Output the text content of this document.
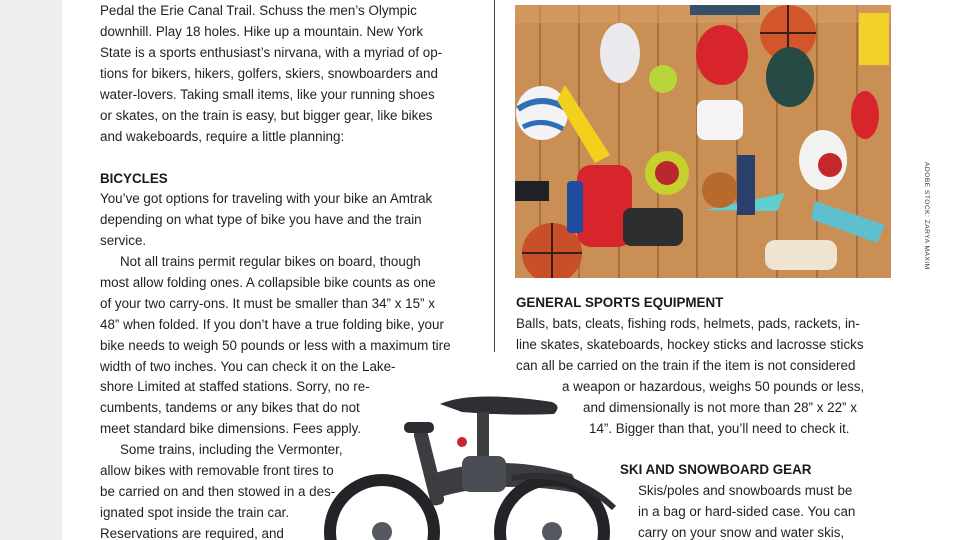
Pedal the Erie Canal Trail. Schuss the men’s Olympic

downhill. Play 18 holes. Hike up a mountain. New York

State is a sports enthusiast’s nirvana, with a myriad of op-

tions for bikers, hikers, golfers, skiers, snowboarders and

water-lovers. Taking small items, like your running shoes

or skates, on the train is easy, but bigger gear, like bikes

and wakeboards, require a little planning:

BICYCLES

You’ve got options for traveling with your bike an Amtrak

depending on what type of bike you have and the train

service.

Not all trains permit regular bikes on board, though

most allow folding ones. A collapsible bike counts as one

of your two carry-ons. It must be smaller than 34” x 15” x

48” when folded. If you don’t have a true folding bike, your

bike needs to weigh 50 pounds or less with a maximum tire

width of two inches. You can check it on the Lake-

shore Limited at staffed stations. Sorry, no re-

cumbents, tandems or any bikes that do not

meet standard bike dimensions. Fees apply.

Some trains, including the Vermonter,

allow bikes with removable front tires to

be carried on and then stowed in a des-

ignated spot inside the train car.

Reservations are required, and

ADOBE STOCK: ZARYA MAXIM

GENERAL SPORTS EQUIPMENT

Balls, bats, cleats, fishing rods, helmets, pads, rackets, in-

line skates, skateboards, hockey sticks and lacrosse sticks

can all be carried on the train if the item is not considered

a weapon or hazardous, weighs 50 pounds or less,

and dimensionally is not more than 28” x 22” x

14”. Bigger than that, you’ll need to check it.

SKI AND SNOWBOARD GEAR

Skis/poles and snowboards must be

in a bag or hard-sided case. You can

carry on your snow and water skis,
